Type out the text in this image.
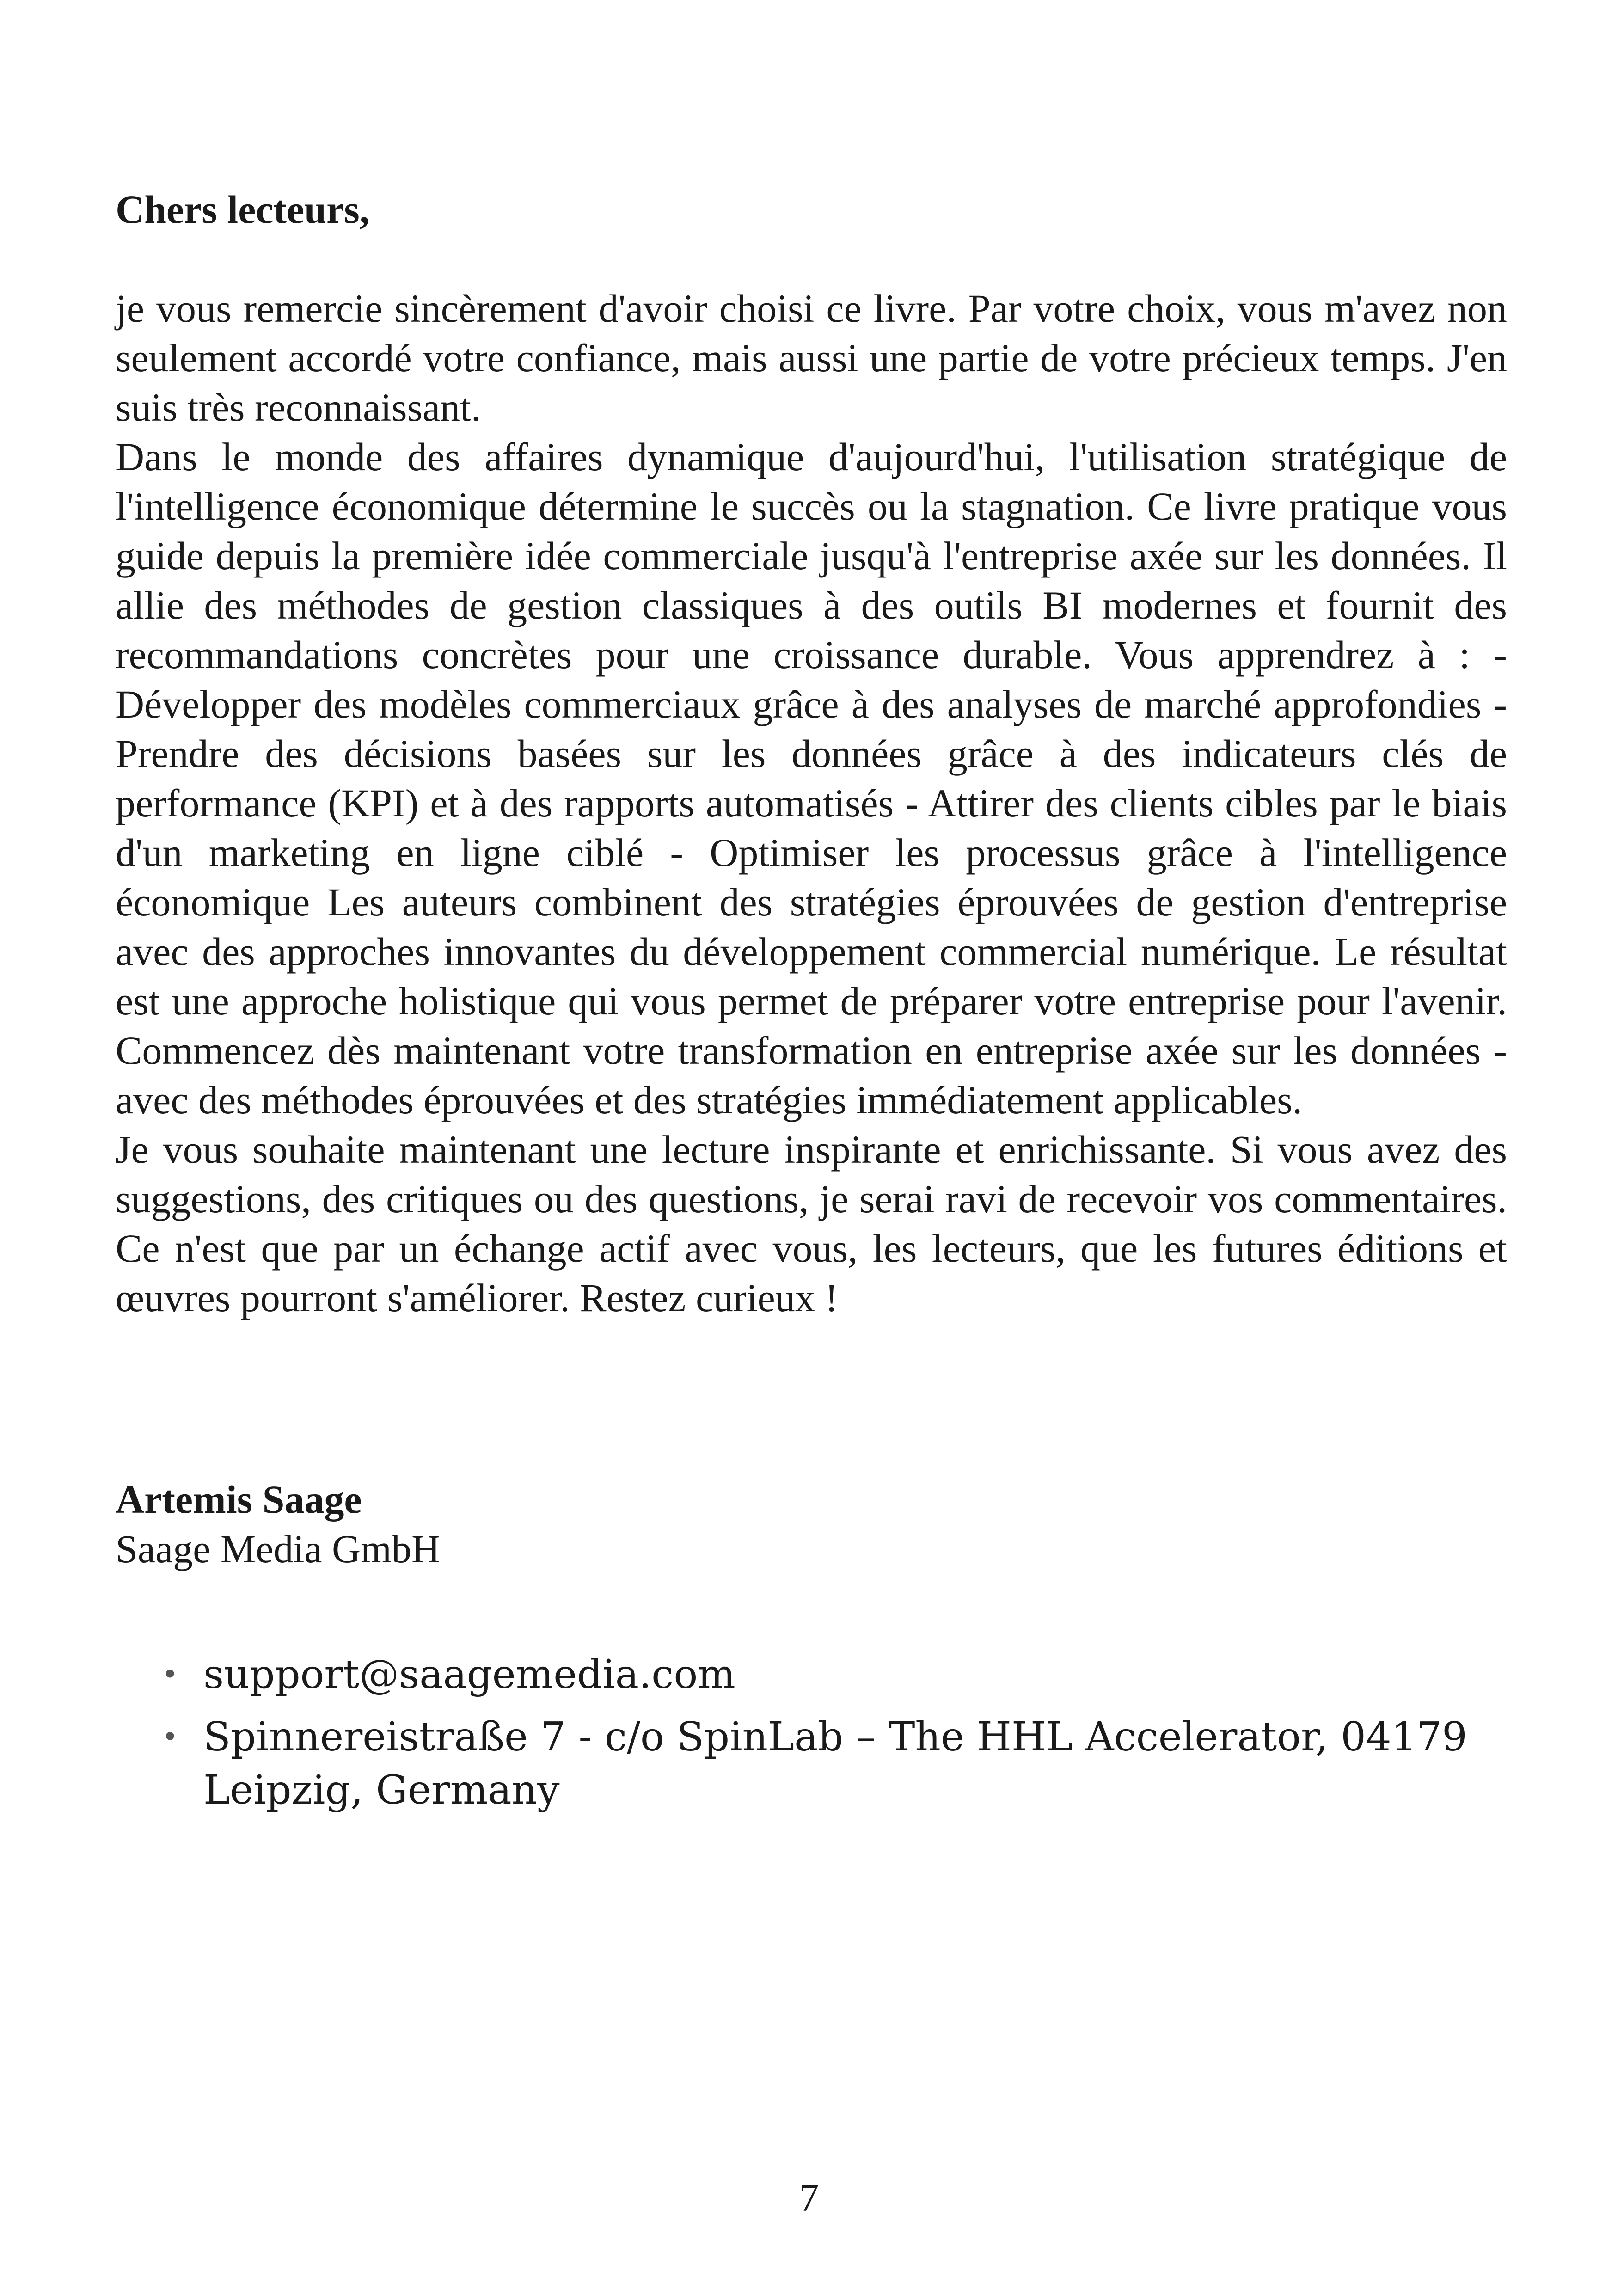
Chers lecteurs,

je vous remercie sincèrement d'avoir choisi ce livre. Par votre choix, vous m'avez non seulement accordé votre confiance, mais aussi une partie de votre précieux temps. J'en suis très reconnaissant.

Dans le monde des affaires dynamique d'aujourd'hui, l'utilisation stratégique de l'intelligence économique détermine le succès ou la stagnation. Ce livre pratique vous guide depuis la première idée commerciale jusqu'à l'entreprise axée sur les données. Il allie des méthodes de gestion classiques à des outils BI modernes et fournit des recommandations concrètes pour une croissance durable. Vous apprendrez à : - Développer des modèles commerciaux grâce à des analyses de marché approfondies - Prendre des décisions basées sur les données grâce à des indicateurs clés de performance (KPI) et à des rapports automatisés - Attirer des clients cibles par le biais d'un marketing en ligne ciblé - Optimiser les processus grâce à l'intelligence économique Les auteurs combinent des stratégies éprouvées de gestion d'entreprise avec des approches innovantes du développement commercial numérique. Le résultat est une approche holistique qui vous permet de préparer votre entreprise pour l'avenir. Commencez dès maintenant votre transformation en entreprise axée sur les données - avec des méthodes éprouvées et des stratégies immédiatement applicables.

Je vous souhaite maintenant une lecture inspirante et enrichissante. Si vous avez des suggestions, des critiques ou des questions, je serai ravi de recevoir vos commentaires. Ce n'est que par un échange actif avec vous, les lecteurs, que les futures éditions et œuvres pourront s'améliorer. Restez curieux !

Artemis Saage

Saage Media GmbH

• support@saagemedia.com
• Spinnereistraße 7 - c/o SpinLab – The HHL Accelerator, 04179 Leipzig, Germany
7
